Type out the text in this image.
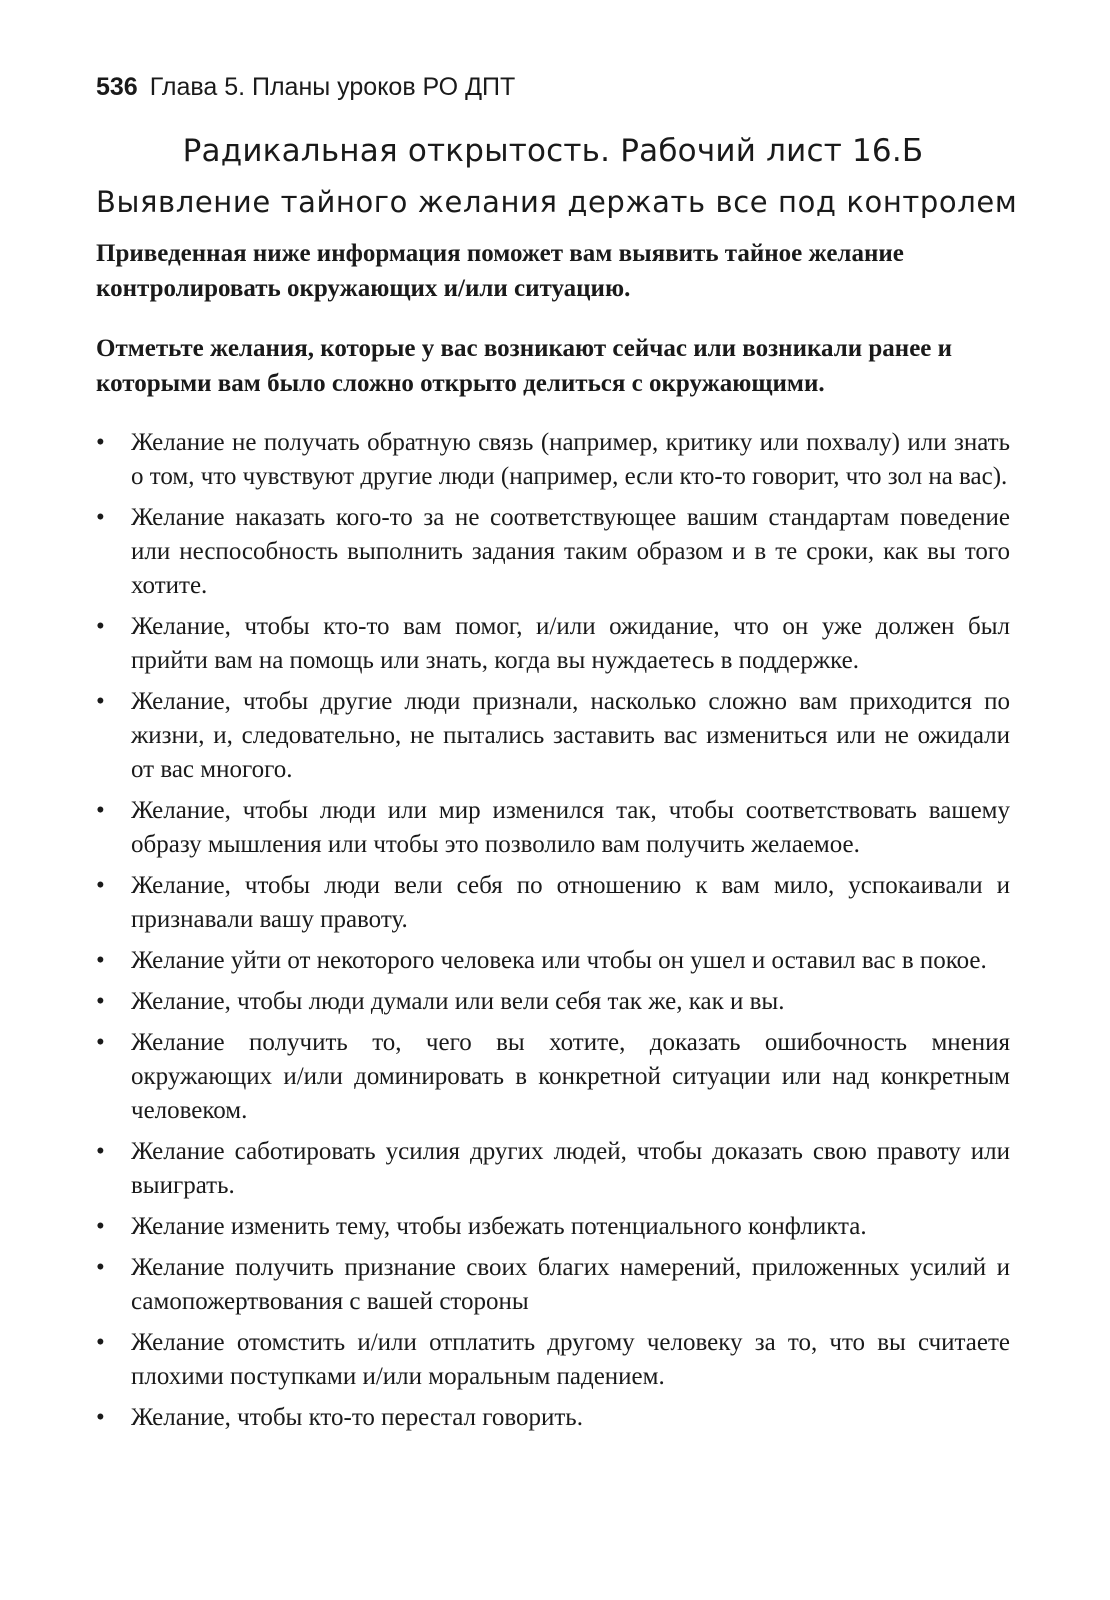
536 Глава 5. Планы уроков РО ДПТ
Радикальная открытость. Рабочий лист 16.Б
Выявление тайного желания держать все под контролем

Приведенная ниже информация поможет вам выявить тайное желание контролировать окружающих и/или ситуацию.

Отметьте желания, которые у вас возникают сейчас или возникали ранее и которыми вам было сложно открыто делиться с окружающими.

• Желание не получать обратную связь (например, критику или похвалу) или знать о том, что чувствуют другие люди (например, если кто-то говорит, что зол на вас).
• Желание наказать кого-то за не соответствующее вашим стандартам поведение или неспособность выполнить задания таким образом и в те сроки, как вы того хотите.
• Желание, чтобы кто-то вам помог, и/или ожидание, что он уже должен был прийти вам на помощь или знать, когда вы нуждаетесь в поддержке.
• Желание, чтобы другие люди признали, насколько сложно вам приходится по жизни, и, следовательно, не пытались заставить вас измениться или не ожидали от вас многого.
• Желание, чтобы люди или мир изменился так, чтобы соответствовать вашему образу мышления или чтобы это позволило вам получить желаемое.
• Желание, чтобы люди вели себя по отношению к вам мило, успокаивали и признавали вашу правоту.
• Желание уйти от некоторого человека или чтобы он ушел и оставил вас в покое.
• Желание, чтобы люди думали или вели себя так же, как и вы.
• Желание получить то, чего вы хотите, доказать ошибочность мнения окружающих и/или доминировать в конкретной ситуации или над конкретным человеком.
• Желание саботировать усилия других людей, чтобы доказать свою правоту или выиграть.
• Желание изменить тему, чтобы избежать потенциального конфликта.
• Желание получить признание своих благих намерений, приложенных усилий и самопожертвования с вашей стороны
• Желание отомстить и/или отплатить другому человеку за то, что вы считаете плохими поступками и/или моральным падением.
• Желание, чтобы кто-то перестал говорить.
